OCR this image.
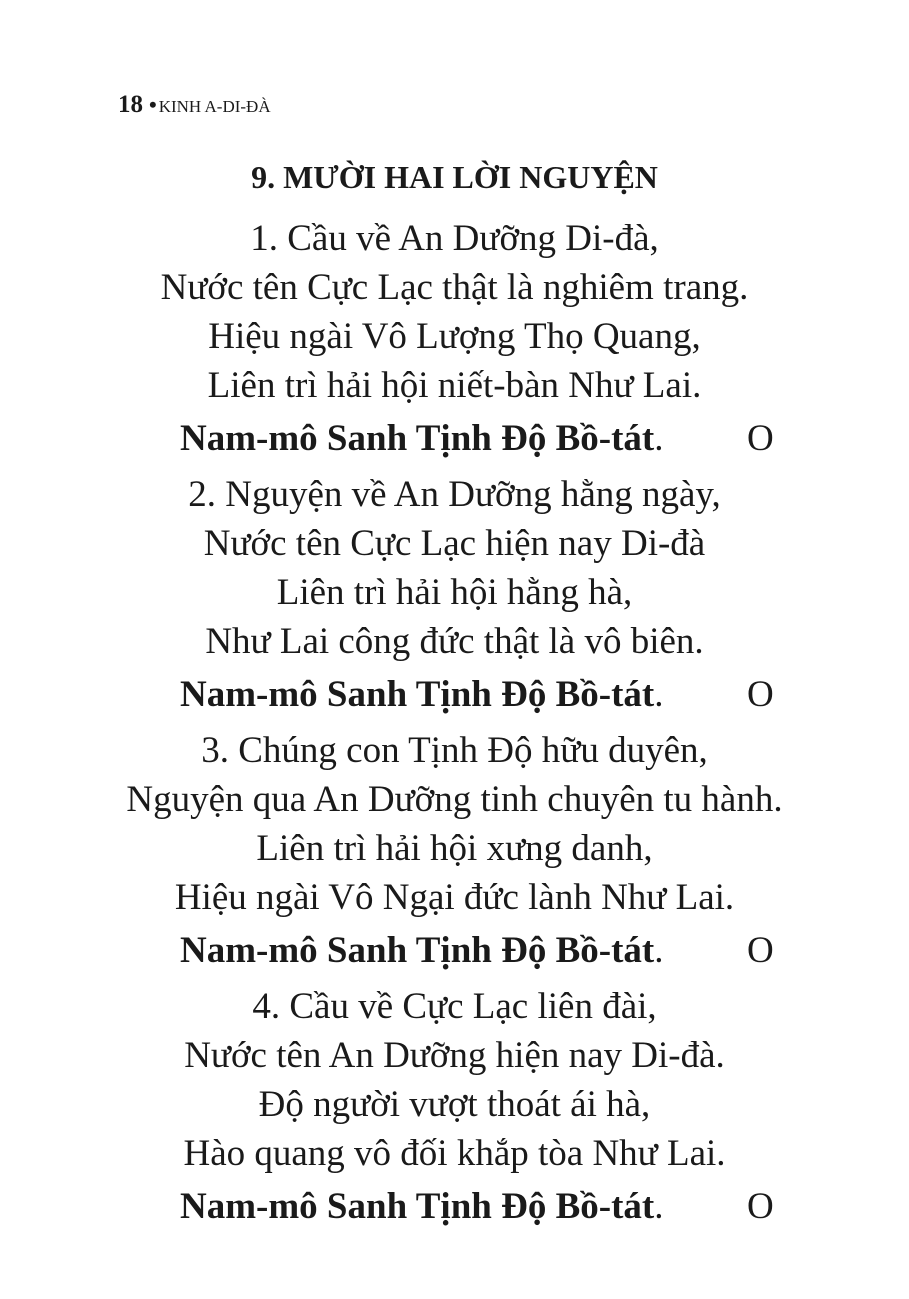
18 • KINH A-DI-ĐÀ
9. MƯỜI HAI LỜI NGUYỆN
1. Cầu về An Dưỡng Di-đà,
Nước tên Cực Lạc thật là nghiêm trang.
Hiệu ngài Vô Lượng Thọ Quang,
Liên trì hải hội niết-bàn Như Lai.
Nam-mô Sanh Tịnh Độ Bồ-tát. O
2. Nguyện về An Dưỡng hằng ngày,
Nước tên Cực Lạc hiện nay Di-đà
Liên trì hải hội hằng hà,
Như Lai công đức thật là vô biên.
Nam-mô Sanh Tịnh Độ Bồ-tát. O
3. Chúng con Tịnh Độ hữu duyên,
Nguyện qua An Dưỡng tinh chuyên tu hành.
Liên trì hải hội xưng danh,
Hiệu ngài Vô Ngại đức lành Như Lai.
Nam-mô Sanh Tịnh Độ Bồ-tát. O
4. Cầu về Cực Lạc liên đài,
Nước tên An Dưỡng hiện nay Di-đà.
Độ người vượt thoát ái hà,
Hào quang vô đối khắp tòa Như Lai.
Nam-mô Sanh Tịnh Độ Bồ-tát. O
